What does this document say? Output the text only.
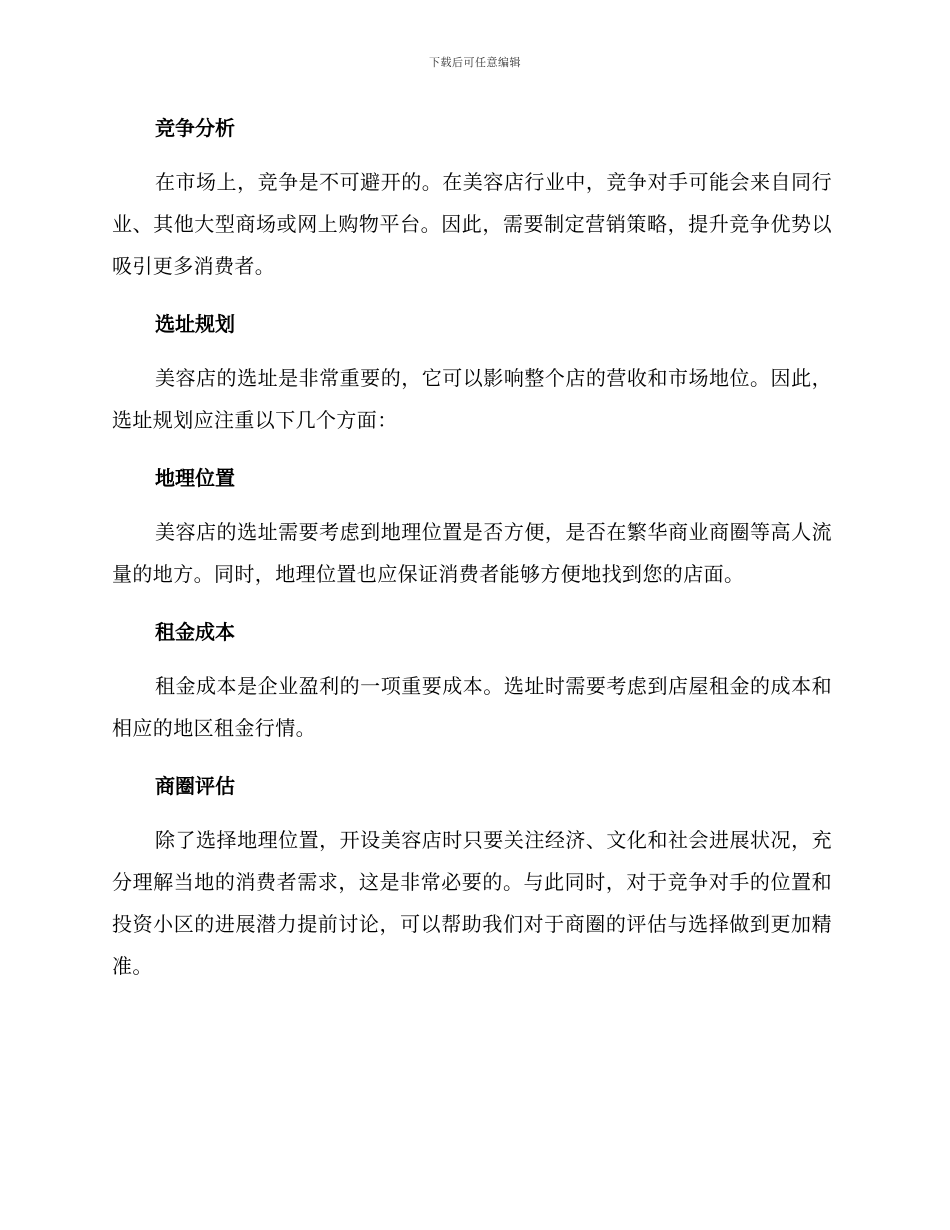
下载后可任意编辑
竞争分析

在市场上，竞争是不可避开的。在美容店行业中，竞争对手可能会来自同行业、其他大型商场或网上购物平台。因此，需要制定营销策略，提升竞争优势以吸引更多消费者。

选址规划

美容店的选址是非常重要的，它可以影响整个店的营收和市场地位。因此，选址规划应注重以下几个方面：

地理位置

美容店的选址需要考虑到地理位置是否方便，是否在繁华商业商圈等高人流量的地方。同时，地理位置也应保证消费者能够方便地找到您的店面。

租金成本

租金成本是企业盈利的一项重要成本。选址时需要考虑到店屋租金的成本和相应的地区租金行情。

商圈评估

除了选择地理位置，开设美容店时只要关注经济、文化和社会进展状况，充分理解当地的消费者需求，这是非常必要的。与此同时，对于竞争对手的位置和投资小区的进展潜力提前讨论，可以帮助我们对于商圈的评估与选择做到更加精准。
